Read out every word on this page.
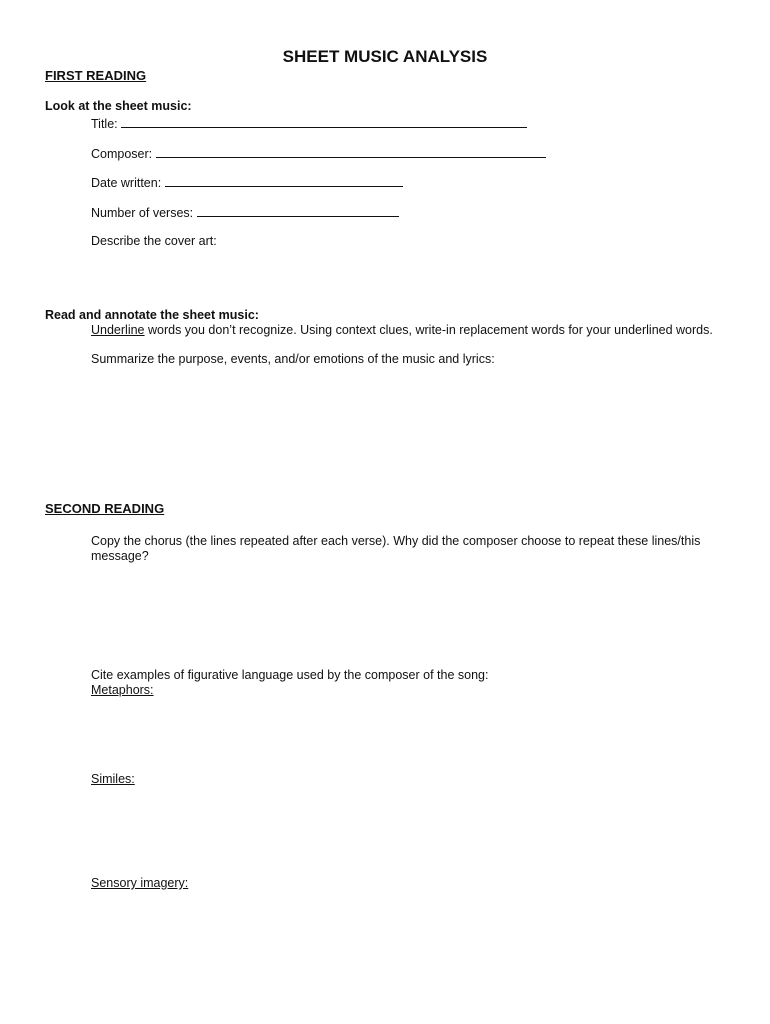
SHEET MUSIC ANALYSIS
FIRST READING
Look at the sheet music:
Title:
Composer:
Date written:
Number of verses:
Describe the cover art:
Read and annotate the sheet music:
Underline words you don’t recognize. Using context clues, write-in replacement words for your underlined words.
Summarize the purpose, events, and/or emotions of the music and lyrics:
SECOND READING
Copy the chorus (the lines repeated after each verse). Why did the composer choose to repeat these lines/this
message?
Cite examples of figurative language used by the composer of the song:
Metaphors:
Similes:
Sensory imagery:
